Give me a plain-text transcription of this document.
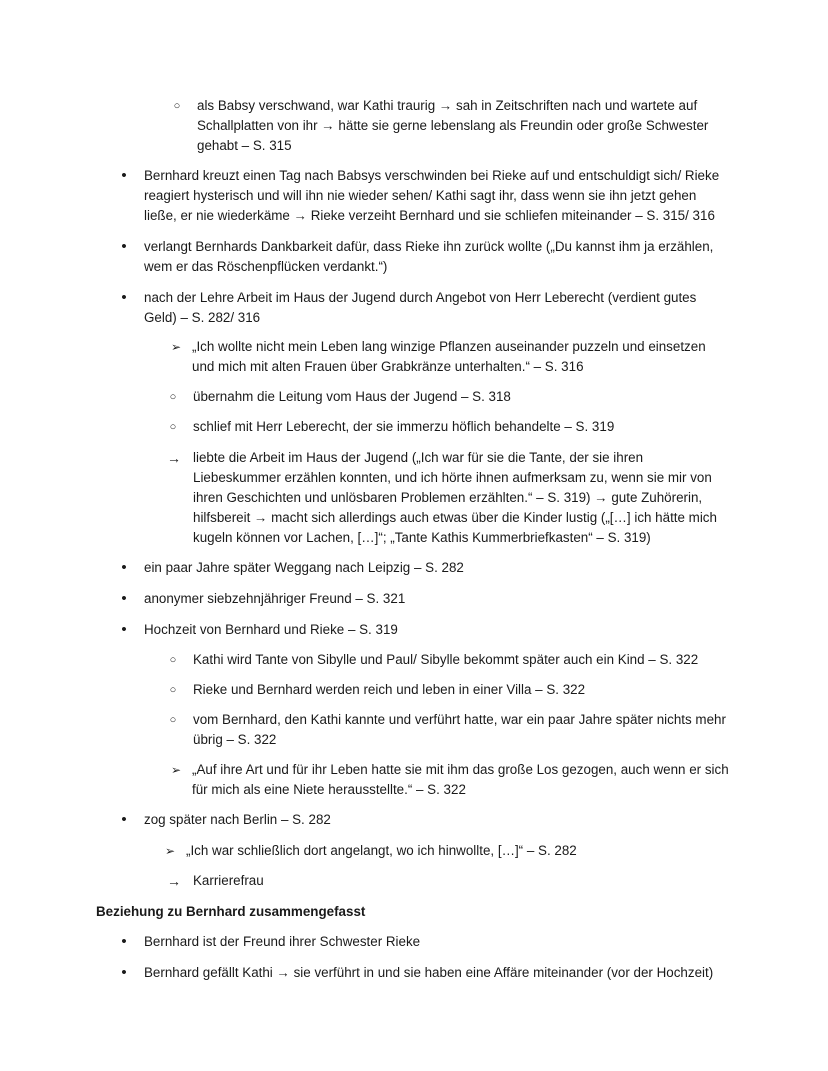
○ als Babsy verschwand, war Kathi traurig → sah in Zeitschriften nach und wartete auf Schallplatten von ihr → hätte sie gerne lebenslang als Freundin oder große Schwester gehabt – S. 315
• Bernhard kreuzt einen Tag nach Babsys verschwinden bei Rieke auf und entschuldigt sich/ Rieke reagiert hysterisch und will ihn nie wieder sehen/ Kathi sagt ihr, dass wenn sie ihn jetzt gehen ließe, er nie wiederkäme → Rieke verzeiht Bernhard und sie schliefen miteinander – S. 315/ 316
• verlangt Bernhards Dankbarkeit dafür, dass Rieke ihn zurück wollte („Du kannst ihm ja erzählen, wem er das Röschenpflücken verdankt.“)
• nach der Lehre Arbeit im Haus der Jugend durch Angebot von Herr Leberecht (verdient gutes Geld) – S. 282/ 316
➢ „Ich wollte nicht mein Leben lang winzige Pflanzen auseinander puzzeln und einsetzen und mich mit alten Frauen über Grabkränze unterhalten.“ – S. 316
○ übernahm die Leitung vom Haus der Jugend – S. 318
○ schlief mit Herr Leberecht, der sie immerzu höflich behandelte – S. 319
→ liebte die Arbeit im Haus der Jugend („Ich war für sie die Tante, der sie ihren Liebeskummer erzählen konnten, und ich hörte ihnen aufmerksam zu, wenn sie mir von ihren Geschichten und unlösbaren Problemen erzählten.“ – S. 319) → gute Zuhörerin, hilfsbereit → macht sich allerdings auch etwas über die Kinder lustig („[…] ich hätte mich kugeln können vor Lachen, […]“; „Tante Kathis Kummerbriefkasten“ – S. 319)
• ein paar Jahre später Weggang nach Leipzig – S. 282
• anonymer siebzehnjähriger Freund – S. 321
• Hochzeit von Bernhard und Rieke – S. 319
○ Kathi wird Tante von Sibylle und Paul/ Sibylle bekommt später auch ein Kind – S. 322
○ Rieke und Bernhard werden reich und leben in einer Villa – S. 322
○ vom Bernhard, den Kathi kannte und verführt hatte, war ein paar Jahre später nichts mehr übrig – S. 322
➢ „Auf ihre Art und für ihr Leben hatte sie mit ihm das große Los gezogen, auch wenn er sich für mich als eine Niete herausstellte.“ – S. 322
• zog später nach Berlin – S. 282
➢ „Ich war schließlich dort angelangt, wo ich hinwollte, […]“ – S. 282
→ Karrierefrau
Beziehung zu Bernhard zusammengefasst
• Bernhard ist der Freund ihrer Schwester Rieke
• Bernhard gefällt Kathi → sie verführt in und sie haben eine Affäre miteinander (vor der Hochzeit)
